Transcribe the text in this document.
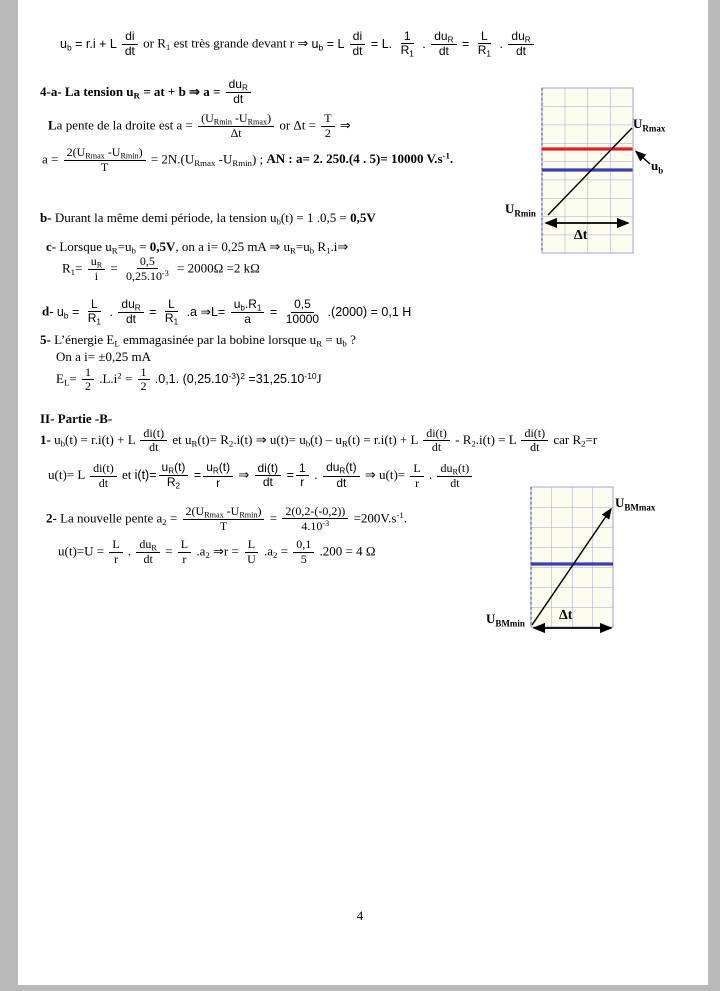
ub = r.i + L $\frac{di}{dt}$ or R1 est très grande devant r ⇒ ub = L $\frac{di}{dt} = L$. $\frac{1}{R1}$ . $\frac{\text{duR}}{dt} = \frac{L}{R1}$ . $\frac{\text{duR}}{dt}$
4-a- La tension uR = at + b ⇒ $a = \frac{\text{duR}}{dt}$
La pente de la droite est $a = \frac{(URmin -URmax)}{\Delta t}$ or $\Delta t = \frac{T}{2}$ ⇒
$a = \frac{2(URmax -URmin)}{T} = 2N.(URmax$ -URmin) ; AN : a= 2. 250.(4 . 5)= 10000 $V.s^{-1}$.
b- Durant la même demi période, la tension ub(t) = 1 .0,5 = 0,5V
c- Lorsque uR=ub = 0,5V, on a i= 0,25 mA ⇒ uR=ub R1.i⇒
$R1= \frac{uR}{i} = \frac{0,5}{0,25.10^{-3}} = 2000\Omega =2$ kΩ
d- ub = $\frac{L}{R1}$ . $\frac{\text{duR}}{dt} = \frac{L}{R1} .a$ ⇒L= $\frac{ub.R1}{a} = \frac{0,5}{10000} .(2000) = 0,1$ H
5- L’énergie EL emmagasinée par la bobine lorsque uR = ub ?
On a i= ±0,25 mA
$EL= \frac{1}{2} .L.i^2 = \frac{1}{2} .0,1$. $(0,25.10^{-3})^2 =31,25.10^{-10}J$
II- Partie -B-
1- ub(t) = r.i(t) + L $\frac{di(t)}{dt}$ et uR(t)= R2.i(t) ⇒ u(t)= ub(t) – uR(t) = r.i(t) + L $\frac{di(t)}{dt} - R2.i(t) = L \frac{di(t)}{dt}$ car R2=r
u(t)= L $\frac{di(t)}{dt}$ et $i(t)= \frac{uR(t)}{R2} = \frac{uR(t)}{r}$ ⇒ $\frac{di(t)}{dt} = \frac{1}{r}$ . $\frac{\text{duR(t)}}{dt}$ ⇒ $u(t)= \frac{L}{r}$ . $\frac{\text{duR(t)}}{dt}$
2- La nouvelle pente $a2 = \frac{2(URmax -URmin)}{T} = \frac{2(0,2-(-0,2))}{4.10^{-3}} =200V.s^{-1}$.
$u(t)=U = \frac{L}{r}$ . $\frac{\text{duR}}{dt} = \frac{L}{r} .a2$ ⇒r = $\frac{L}{U} .a2 = \frac{0,1}{5} .200 = 4$ Ω
$U_{Rmax}$
$u_b$
$U_{Rmin}$
Δt
$U_{BMmax}$
$U_{BMmin}$
Δt
4
